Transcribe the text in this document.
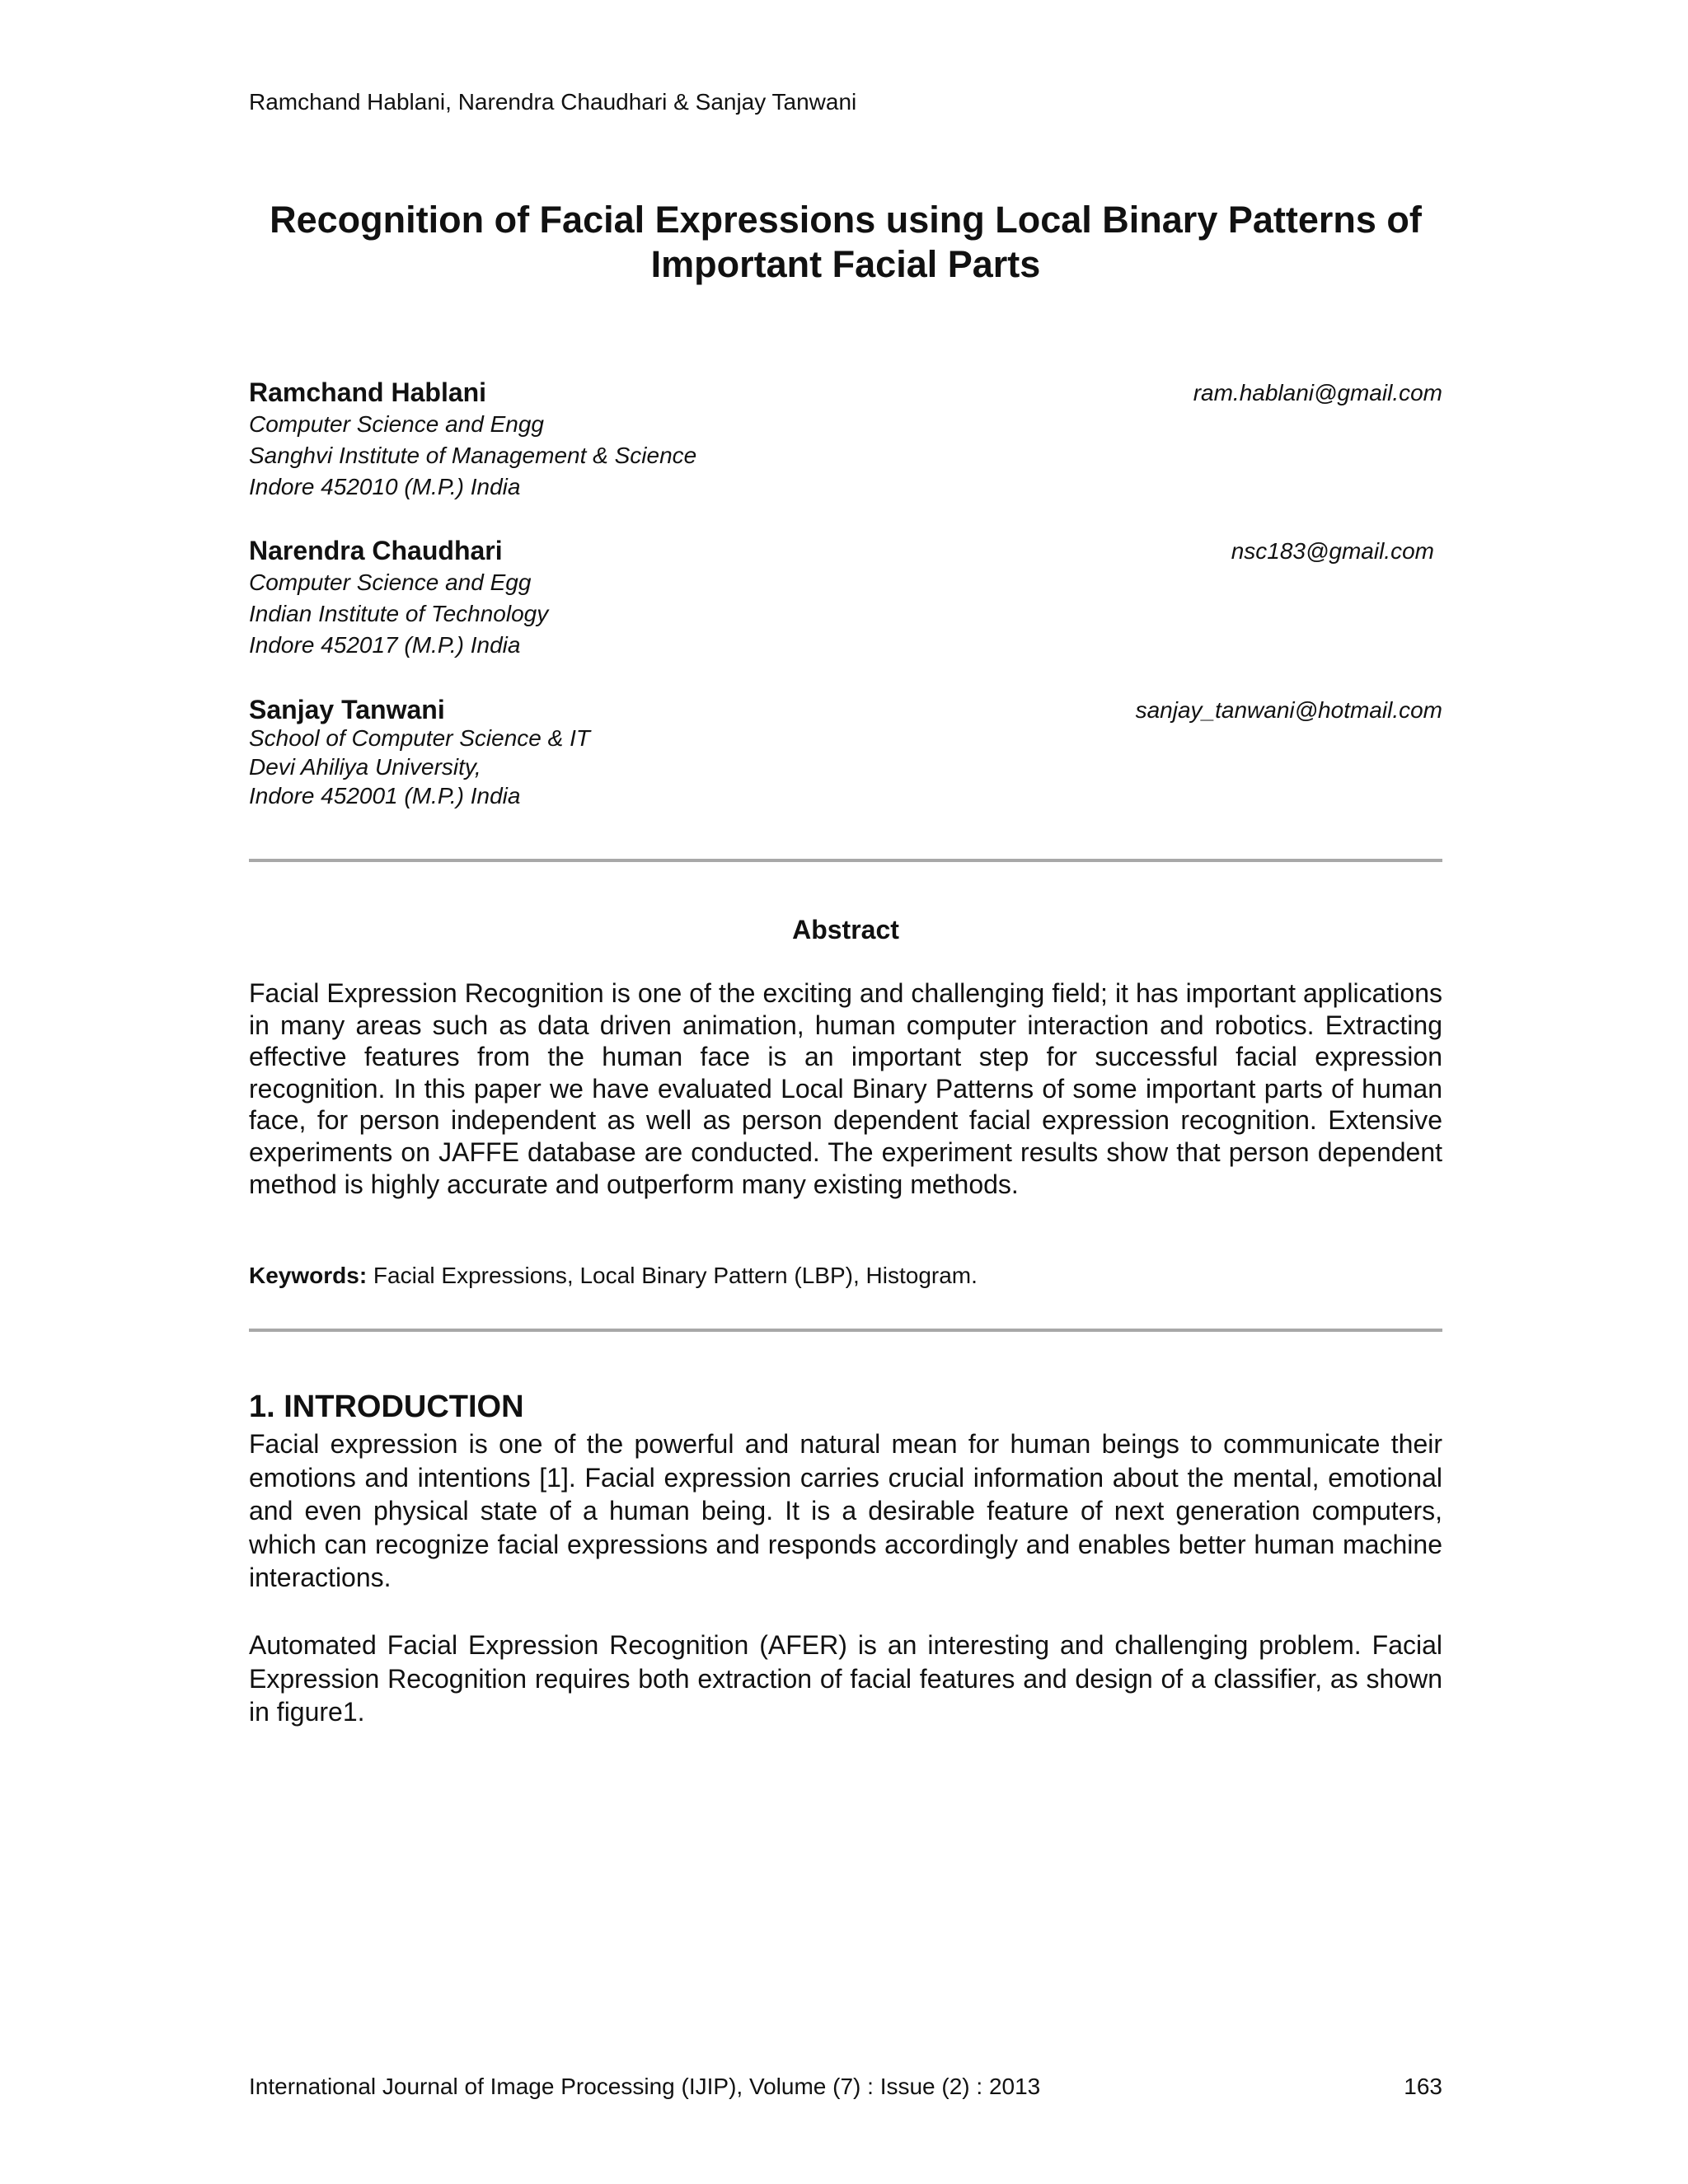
Ramchand Hablani, Narendra Chaudhari & Sanjay Tanwani
Recognition of Facial Expressions using Local Binary Patterns of Important Facial Parts
Ramchand Hablani	ram.hablani@gmail.com
Computer Science and Engg
Sanghvi Institute of Management & Science
Indore 452010 (M.P.) India
Narendra Chaudhari	nsc183@gmail.com
Computer Science and Egg
Indian Institute of Technology
Indore 452017 (M.P.) India
Sanjay Tanwani	sanjay_tanwani@hotmail.com
School of Computer Science & IT
Devi Ahiliya University,
Indore 452001 (M.P.) India
Abstract
Facial Expression Recognition is one of the exciting and challenging field; it has important applications in many areas such as data driven animation, human computer interaction and robotics. Extracting effective features from the human face is an important step for successful facial expression recognition. In this paper we have evaluated Local Binary Patterns of some important parts of human face, for person independent as well as person dependent facial expression recognition. Extensive experiments on JAFFE database are conducted. The experiment results show that person dependent method is highly accurate and outperform many existing methods.
Keywords: Facial Expressions, Local Binary Pattern (LBP), Histogram.
1. INTRODUCTION
Facial expression is one of the powerful and natural mean for human beings to communicate their emotions and intentions [1]. Facial expression carries crucial information about the mental, emotional and even physical state of a human being. It is a desirable feature of next generation computers, which can recognize facial expressions and responds accordingly and enables better human machine interactions.
Automated Facial Expression Recognition (AFER) is an interesting and challenging problem. Facial Expression Recognition requires both extraction of facial features and design of a classifier, as shown in figure1.
International Journal of Image Processing (IJIP), Volume (7) : Issue (2) : 2013	163
